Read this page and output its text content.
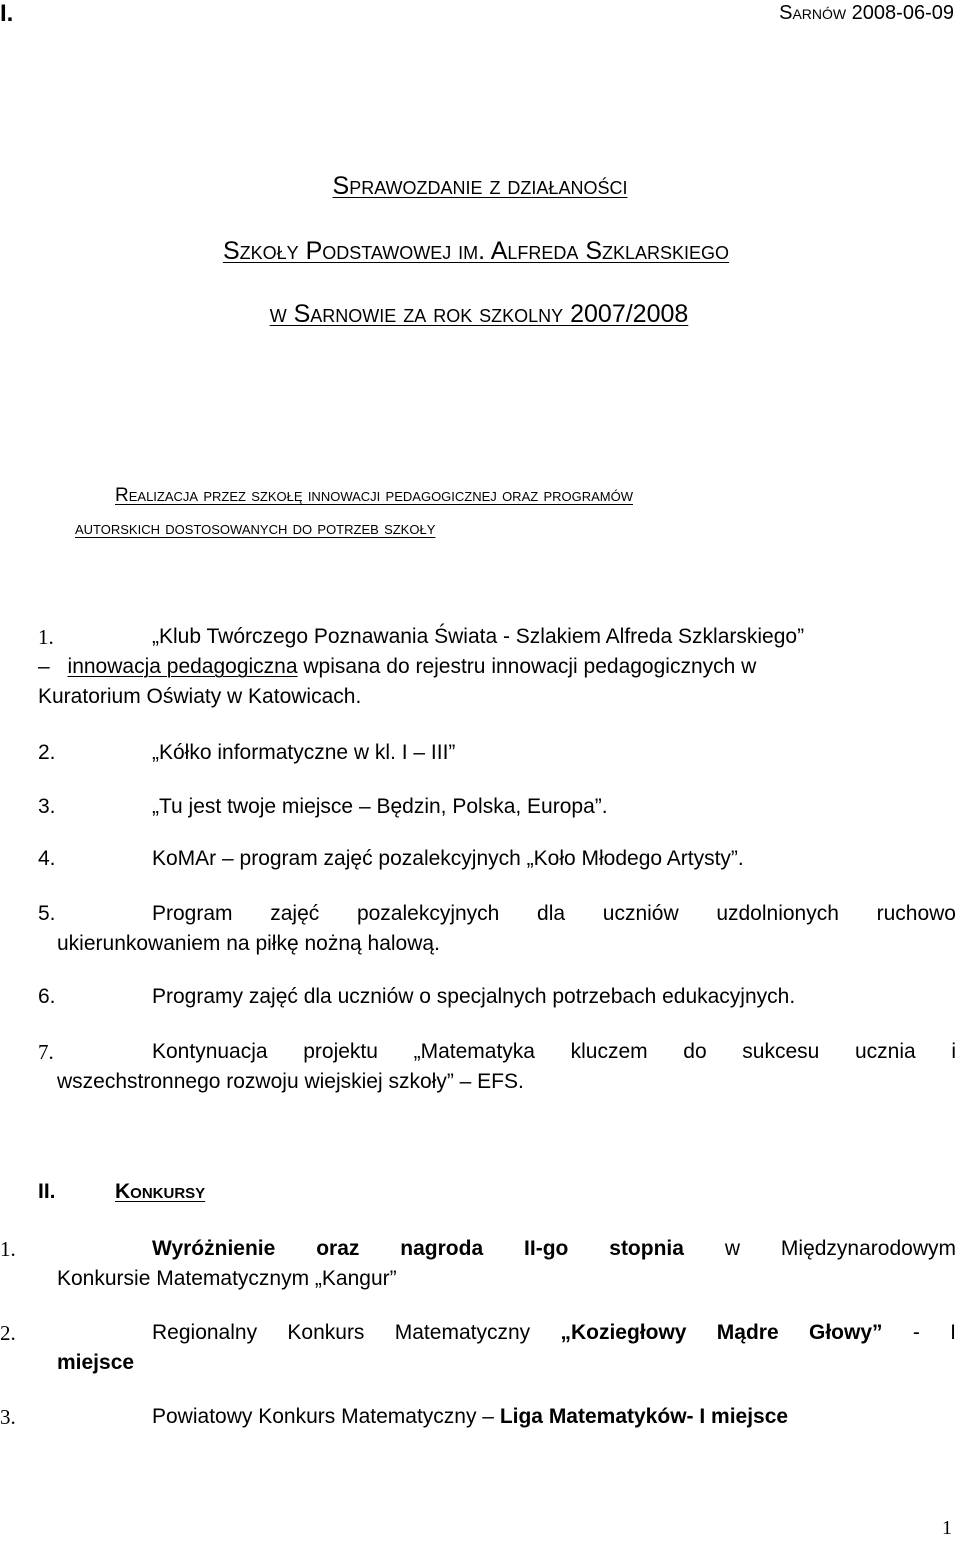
Sarnów 2008-06-09
Sprawozdanie z działaności
Szkoły Podstawowej im. Alfreda Szklarskiego
w Sarnowie za rok szkolny 2007/2008
I.
Realizacja przez szkołę innowacji pedagogicznej oraz programów
autorskich dostosowanych do potrzeb szkoły
1.	„Klub Twórczego Poznawania Świata - Szlakiem Alfreda Szklarskiego”
– innowacja pedagogiczna wpisana do rejestru innowacji pedagogicznych w
Kuratorium Oświaty w Katowicach.
2.	„Kółko informatyczne w kl. I – III”
3.	„Tu jest twoje miejsce – Będzin, Polska, Europa”.
4.	KoMAr – program zajęć pozalekcyjnych „Koło Młodego Artysty”.
5.	Program zajęć pozalekcyjnych dla uczniów uzdolnionych ruchowo
ukierunkowaniem na piłkę nożną halową.
6.	Programy zajęć dla uczniów o specjalnych potrzebach edukacyjnych.
7.	Kontynuacja projektu „Matematyka kluczem do sukcesu ucznia i
wszechstronnego rozwoju wiejskiej szkoły” – EFS.
II.	Konkursy
1.	Wyróżnienie oraz nagroda II-go stopnia w Międzynarodowym
Konkursie Matematycznym „Kangur”
2.	Regionalny Konkurs Matematyczny „Koziegłowy Mądre Głowy” - I
miejsce
3.	Powiatowy Konkurs Matematyczny – Liga Matematyków- I miejsce
1
